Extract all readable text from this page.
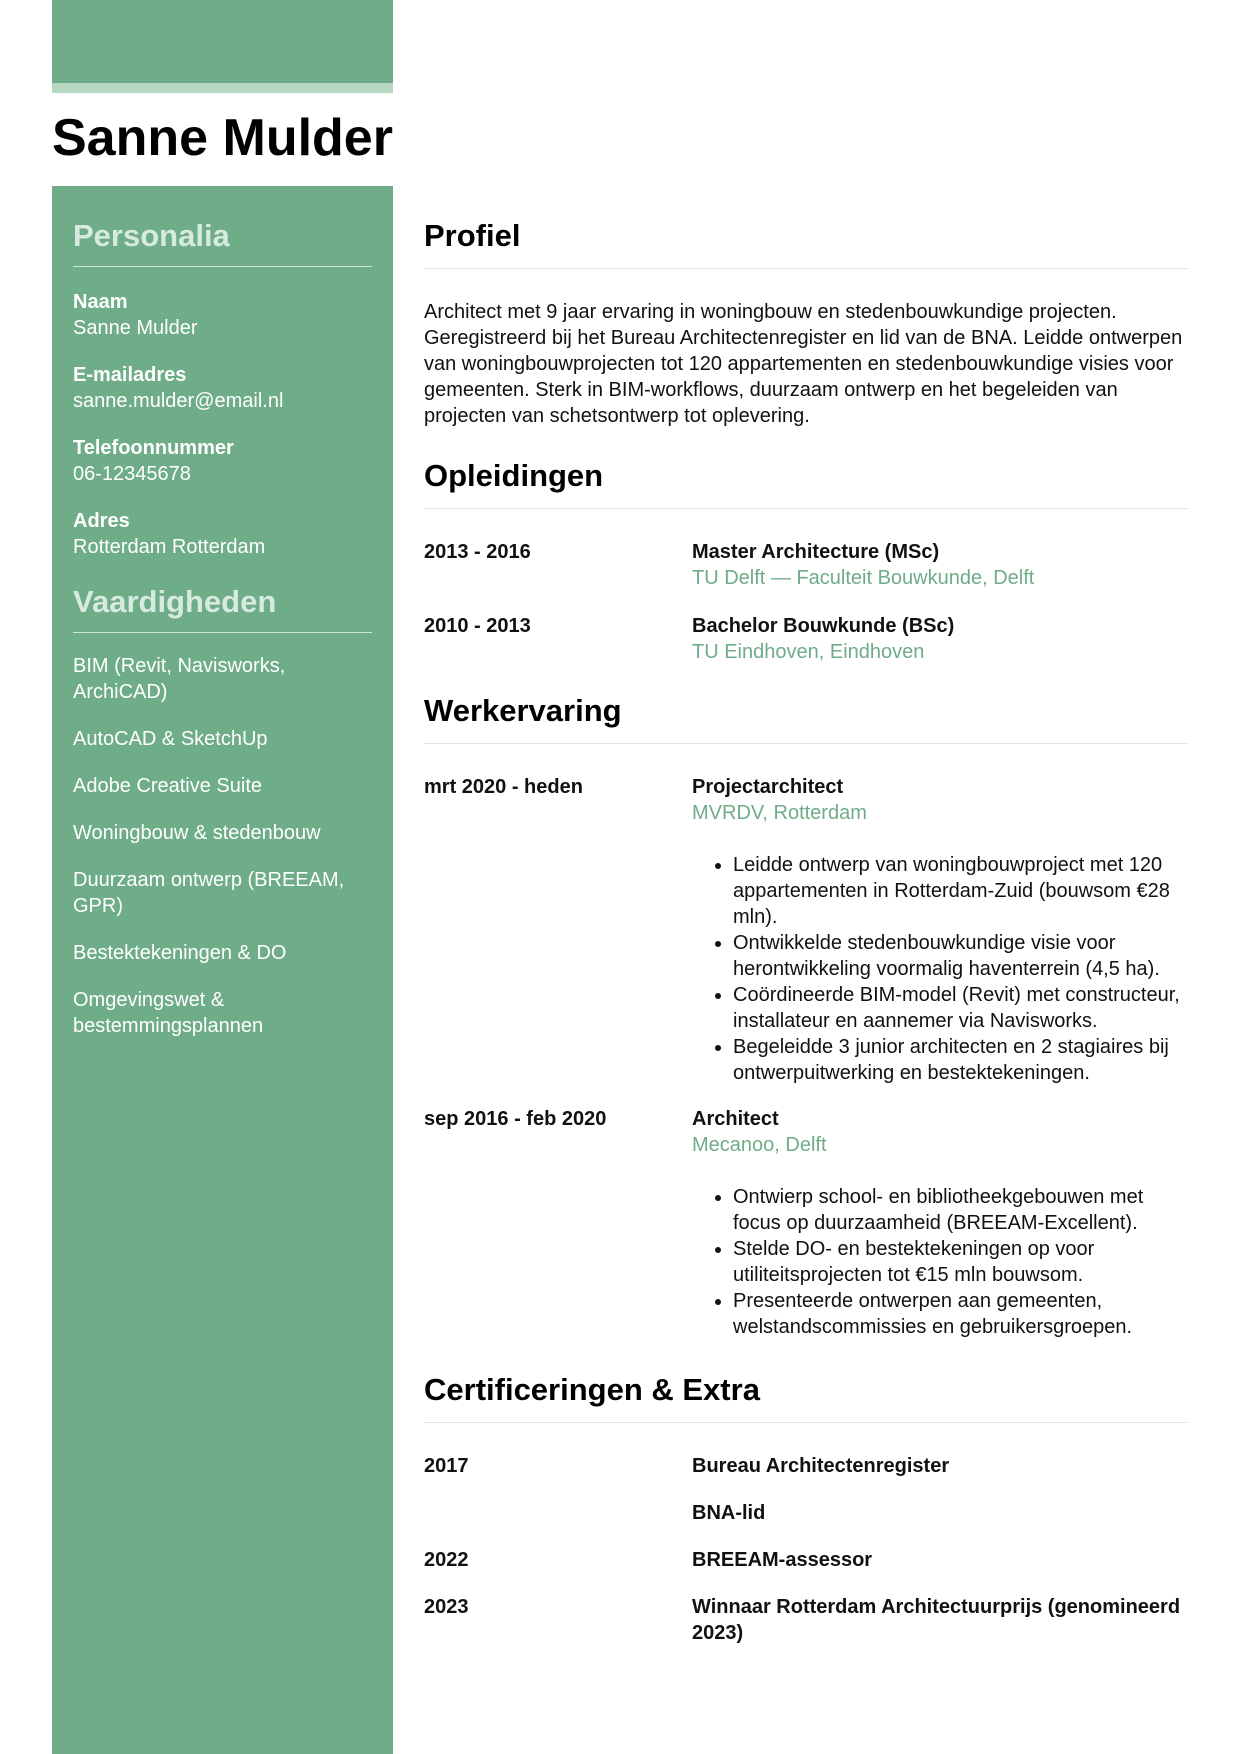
Sanne Mulder
Personalia
Naam
Sanne Mulder
E-mailadres
sanne.mulder@email.nl
Telefoonnummer
06-12345678
Adres
Rotterdam Rotterdam
Vaardigheden
BIM (Revit, Navisworks, ArchiCAD)
AutoCAD & SketchUp
Adobe Creative Suite
Woningbouw & stedenbouw
Duurzaam ontwerp (BREEAM, GPR)
Bestektekeningen & DO
Omgevingswet & bestemmingsplannen
Profiel

Architect met 9 jaar ervaring in woningbouw en stedenbouwkundige projecten. Geregistreerd bij het Bureau Architectenregister en lid van de BNA. Leidde ontwerpen van woningbouwprojecten tot 120 appartementen en stedenbouwkundige visies voor gemeenten. Sterk in BIM-workflows, duurzaam ontwerp en het begeleiden van projecten van schetsontwerp tot oplevering.

Opleidingen
2013 - 2016	Master Architecture (MSc)
TU Delft — Faculteit Bouwkunde, Delft
2010 - 2013	Bachelor Bouwkunde (BSc)
TU Eindhoven, Eindhoven
Werkervaring
mrt 2020 - heden	Projectarchitect
MVRDV, Rotterdam
• Leidde ontwerp van woningbouwproject met 120 appartementen in Rotterdam-Zuid (bouwsom €28 mln).
• Ontwikkelde stedenbouwkundige visie voor herontwikkeling voormalig haventerrein (4,5 ha).
• Coördineerde BIM-model (Revit) met constructeur, installateur en aannemer via Navisworks.
• Begeleidde 3 junior architecten en 2 stagiaires bij ontwerpuitwerking en bestektekeningen.
sep 2016 - feb 2020	Architect
Mecanoo, Delft
• Ontwierp school- en bibliotheekgebouwen met focus op duurzaamheid (BREEAM-Excellent).
• Stelde DO- en bestektekeningen op voor utiliteitsprojecten tot €15 mln bouwsom.
• Presenteerde ontwerpen aan gemeenten, welstandscommissies en gebruikersgroepen.
Certificeringen & Extra
2017	Bureau Architectenregister
BNA-lid
2022	BREEAM-assessor
2023	Winnaar Rotterdam Architectuurprijs (genomineerd 2023)
